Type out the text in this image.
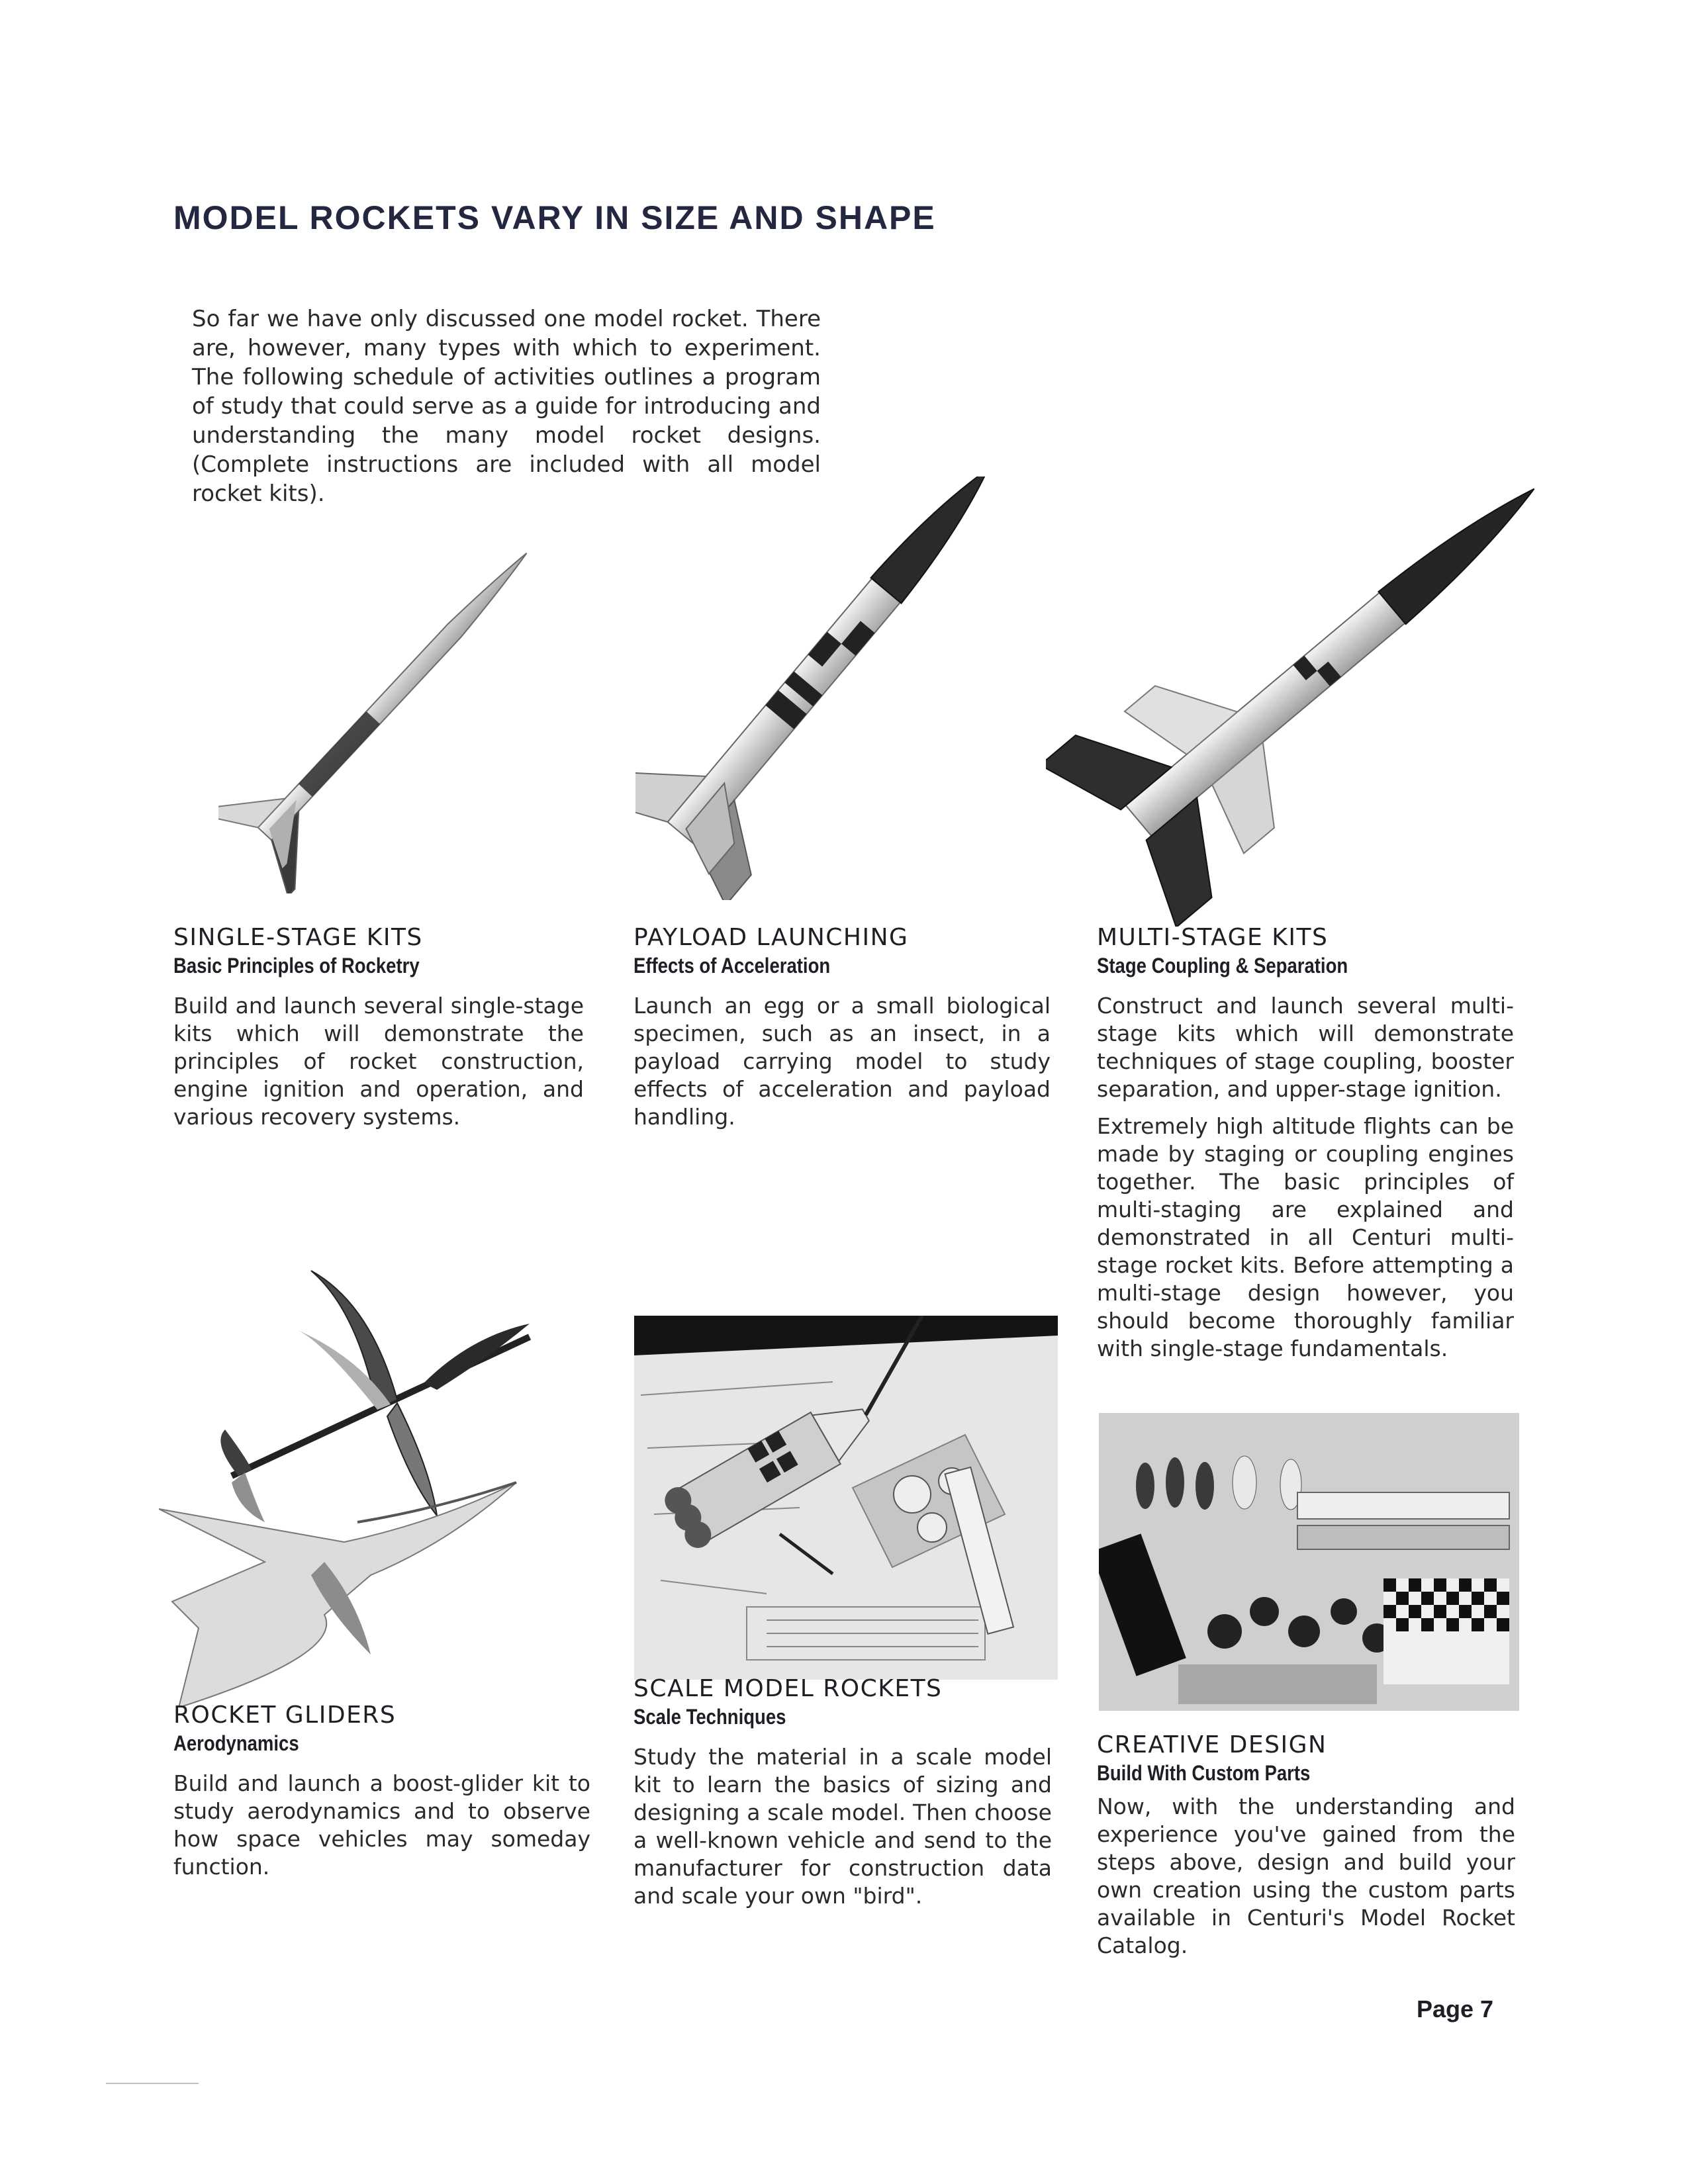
MODEL ROCKETS VARY IN SIZE AND SHAPE
So far we have only discussed one model rocket. There are, however, many types with which to experiment. The following schedule of activities outlines a program of study that could serve as a guide for introducing and understanding the many model rocket designs. (Complete instructions are included with all model rocket kits).
SINGLE-STAGE KITS
Basic Principles of Rocketry
Build and launch several single-stage kits which will demonstrate the principles of rocket construction, engine ignition and operation, and various recovery systems.
PAYLOAD LAUNCHING
Effects of Acceleration
Launch an egg or a small biological specimen, such as an insect, in a payload carrying model to study effects of acceleration and payload handling.
MULTI-STAGE KITS
Stage Coupling & Separation
Construct and launch several multi-stage kits which will demonstrate techniques of stage coupling, booster separation, and upper-stage ignition.
Extremely high altitude flights can be made by staging or coupling engines together. The basic principles of multi-staging are explained and demonstrated in all Centuri multi-stage rocket kits. Before attempting a multi-stage design however, you should become thoroughly familiar with single-stage fundamentals.
ROCKET GLIDERS
Aerodynamics
Build and launch a boost-glider kit to study aerodynamics and to observe how space vehicles may someday function.
SCALE MODEL ROCKETS
Scale Techniques
Study the material in a scale model kit to learn the basics of sizing and designing a scale model. Then choose a well-known vehicle and send to the manufacturer for construction data and scale your own "bird".
CREATIVE DESIGN
Build With Custom Parts
Now, with the understanding and experience you've gained from the steps above, design and build your own creation using the custom parts available in Centuri's Model Rocket Catalog.
Page 7
